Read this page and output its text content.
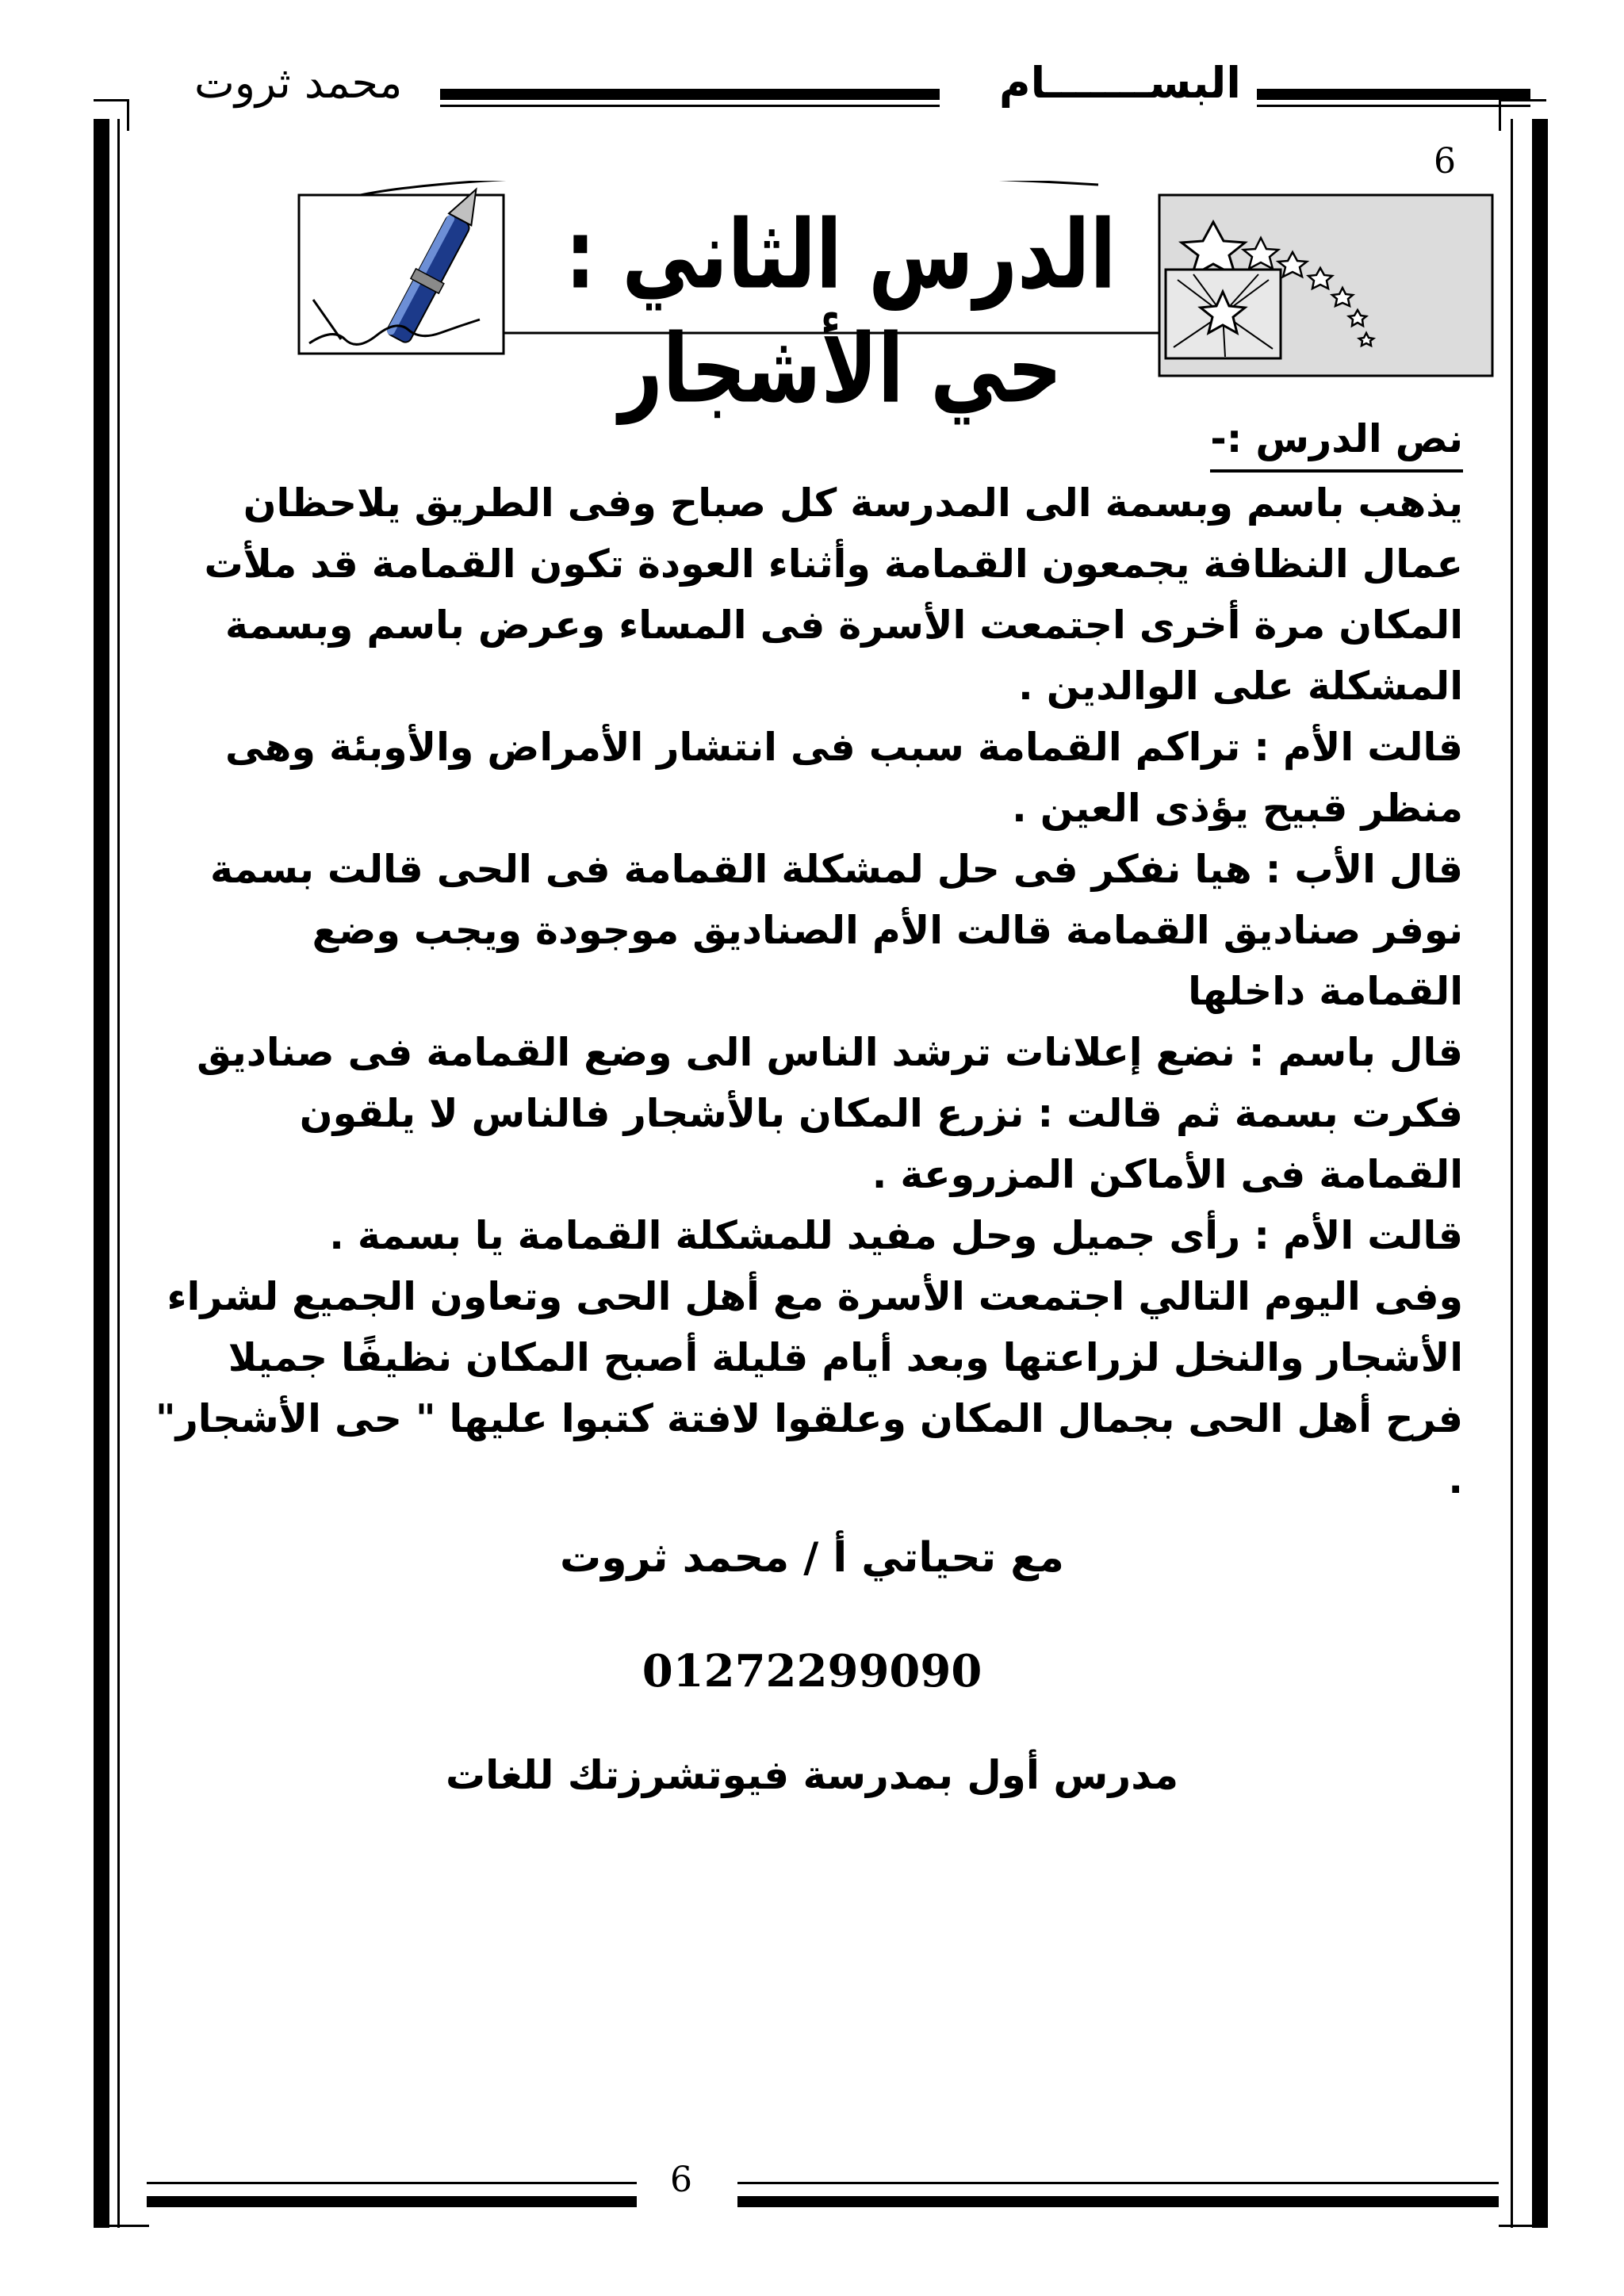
محمد ثروت	البســـــــام
6
6
الدرس الثاني : حي الأشجار

نص الدرس :-

يذهب باسم وبسمة الى المدرسة كل صباح وفى الطريق يلاحظان عمال النظافة يجمعون القمامة وأثناء العودة تكون القمامة قد ملأت المكان مرة أخرى اجتمعت الأسرة فى المساء وعرض باسم وبسمة المشكلة على الوالدين .

قالت الأم : تراكم القمامة سبب فى انتشار الأمراض والأوبئة وهى منظر قبيح يؤذى العين .

قال الأب : هيا نفكر فى حل لمشكلة القمامة فى الحى قالت بسمة نوفر صناديق القمامة قالت الأم الصناديق موجودة ويجب وضع القمامة داخلها

قال باسم : نضع إعلانات ترشد الناس الى وضع القمامة فى صناديق

فكرت بسمة ثم قالت : نزرع المكان بالأشجار فالناس لا يلقون القمامة فى الأماكن المزروعة .

قالت الأم : رأى جميل وحل مفيد للمشكلة القمامة يا بسمة .

وفى اليوم التالي اجتمعت الأسرة مع أهل الحى وتعاون الجميع لشراء الأشجار والنخل لزراعتها وبعد أيام قليلة أصبح المكان نظيفًا جميلا فرح أهل الحى بجمال المكان وعلقوا لافتة كتبوا عليها " حى الأشجار" .

مع تحياتي أ / محمد ثروت
01272299090
مدرس أول بمدرسة فيوتشرزتك للغات
